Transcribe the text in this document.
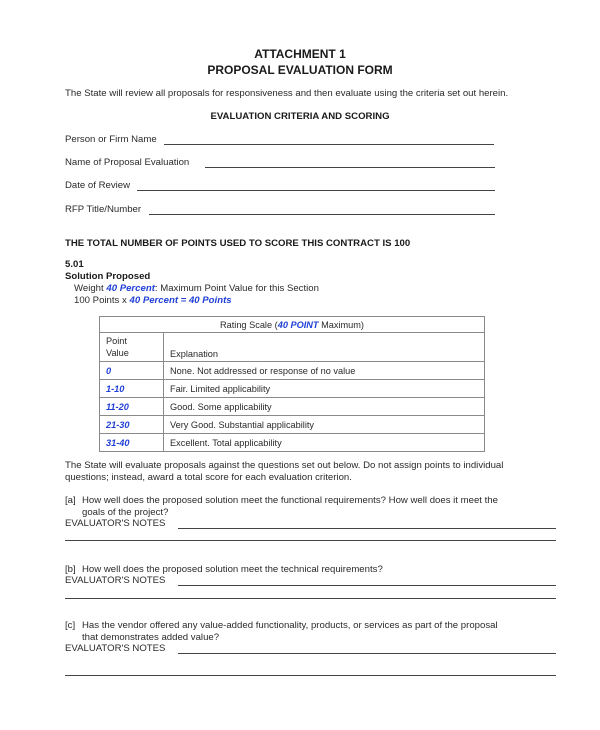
ATTACHMENT 1
PROPOSAL EVALUATION FORM
The State will review all proposals for responsiveness and then evaluate using the criteria set out herein.
EVALUATION CRITERIA AND SCORING
Person or Firm Name
Name of Proposal Evaluation
Date of Review
RFP Title/Number
THE TOTAL NUMBER OF POINTS USED TO SCORE THIS CONTRACT IS 100
5.01
Solution Proposed
Weight 40 Percent: Maximum Point Value for this Section
100 Points x 40 Percent = 40 Points
Rating Scale (40 POINT Maximum)	
Point
Value	Explanation
0	None. Not addressed or response of no value
1-10	Fair. Limited applicability
11-20	Good. Some applicability
21-30	Very Good. Substantial applicability
31-40	Excellent. Total applicability
The State will evaluate proposals against the questions set out below. Do not assign points to individual
questions; instead, award a total score for each evaluation criterion.
[a] How well does the proposed solution meet the functional requirements? How well does it meet the
goals of the project?
EVALUATOR'S NOTES
[b] How well does the proposed solution meet the technical requirements?
EVALUATOR'S NOTES
[c] Has the vendor offered any value-added functionality, products, or services as part of the proposal
that demonstrates added value?
EVALUATOR'S NOTES
